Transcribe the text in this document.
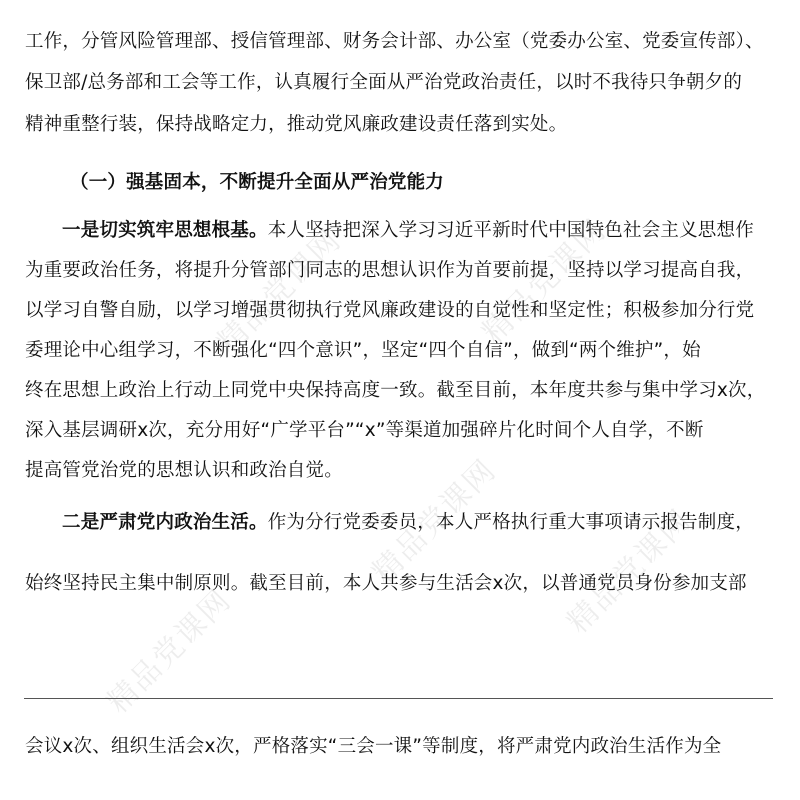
精品党课网	精品党课网
精品党课网
精品党课网 精品党课网
工作，分管风险管理部、授信管理部、财务会计部、办公室（党委办公室、党委宣传部）、
保卫部/总务部和工会等工作，认真履行全面从严治党政治责任，以时不我待只争朝夕的
精神重整行装，保持战略定力，推动党风廉政建设责任落到实处。
（一）强基固本，不断提升全面从严治党能力
一是切实筑牢思想根基。本人坚持把深入学习习近平新时代中国特色社会主义思想作
为重要政治任务，将提升分管部门同志的思想认识作为首要前提，坚持以学习提高自我，
以学习自警自励，以学习增强贯彻执行党风廉政建设的自觉性和坚定性；积极参加分行党
委理论中心组学习，不断强化“四个意识”，坚定“四个自信”，做到“两个维护”，始
终在思想上政治上行动上同党中央保持高度一致。截至目前，本年度共参与集中学习x次，
深入基层调研x次，充分用好“广学平台”“x”等渠道加强碎片化时间个人自学，不断
提高管党治党的思想认识和政治自觉。
二是严肃党内政治生活。作为分行党委委员，本人严格执行重大事项请示报告制度，
始终坚持民主集中制原则。截至目前，本人共参与生活会x次，以普通党员身份参加支部
会议x次、组织生活会x次，严格落实“三会一课”等制度，将严肃党内政治生活作为全
